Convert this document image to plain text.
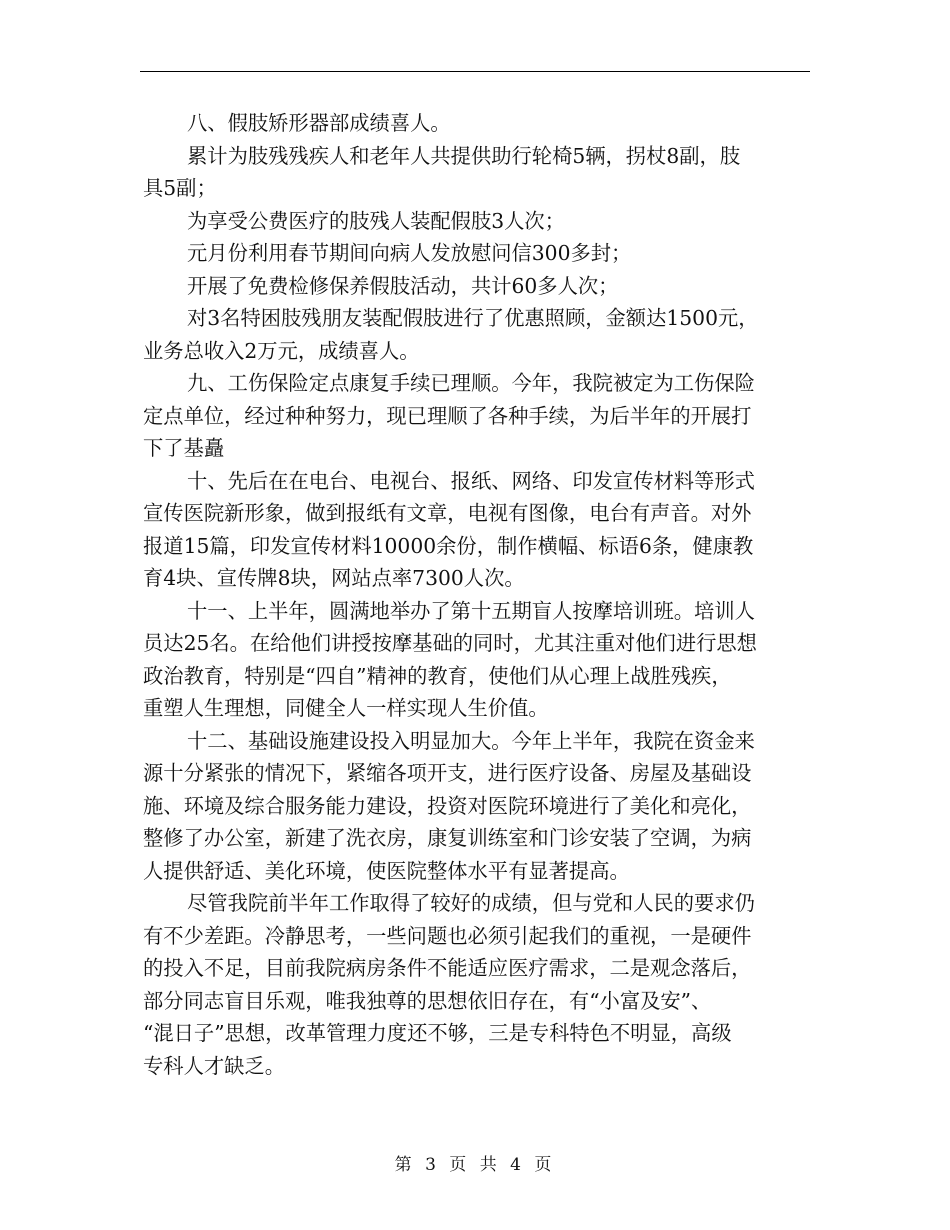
八、假肢矫形器部成绩喜人。
累计为肢残残疾人和老年人共提供助行轮椅5辆，拐杖8副，肢
具5副；
为享受公费医疗的肢残人装配假肢3人次；
元月份利用春节期间向病人发放慰问信300多封；
开展了免费检修保养假肢活动，共计60多人次；
对3名特困肢残朋友装配假肢进行了优惠照顾，金额达1500元，
业务总收入2万元，成绩喜人。
九、工伤保险定点康复手续已理顺。今年，我院被定为工伤保险
定点单位，经过种种努力，现已理顺了各种手续，为后半年的开展打
下了基矗
十、先后在在电台、电视台、报纸、网络、印发宣传材料等形式
宣传医院新形象，做到报纸有文章，电视有图像，电台有声音。对外
报道15篇，印发宣传材料10000余份，制作横幅、标语6条，健康教
育4块、宣传牌8块，网站点率7300人次。
十一、上半年，圆满地举办了第十五期盲人按摩培训班。培训人
员达25名。在给他们讲授按摩基础的同时，尤其注重对他们进行思想
政治教育，特别是“四自”精神的教育，使他们从心理上战胜残疾，
重塑人生理想，同健全人一样实现人生价值。
十二、基础设施建设投入明显加大。今年上半年，我院在资金来
源十分紧张的情况下，紧缩各项开支，进行医疗设备、房屋及基础设
施、环境及综合服务能力建设，投资对医院环境进行了美化和亮化，
整修了办公室，新建了洗衣房，康复训练室和门诊安装了空调，为病
人提供舒适、美化环境，使医院整体水平有显著提高。
尽管我院前半年工作取得了较好的成绩，但与党和人民的要求仍
有不少差距。冷静思考，一些问题也必须引起我们的重视，一是硬件
的投入不足，目前我院病房条件不能适应医疗需求，二是观念落后，
部分同志盲目乐观，唯我独尊的思想依旧存在，有“小富及安”、
“混日子”思想，改革管理力度还不够，三是专科特色不明显，高级
专科人才缺乏。
第 3 页 共 4 页
